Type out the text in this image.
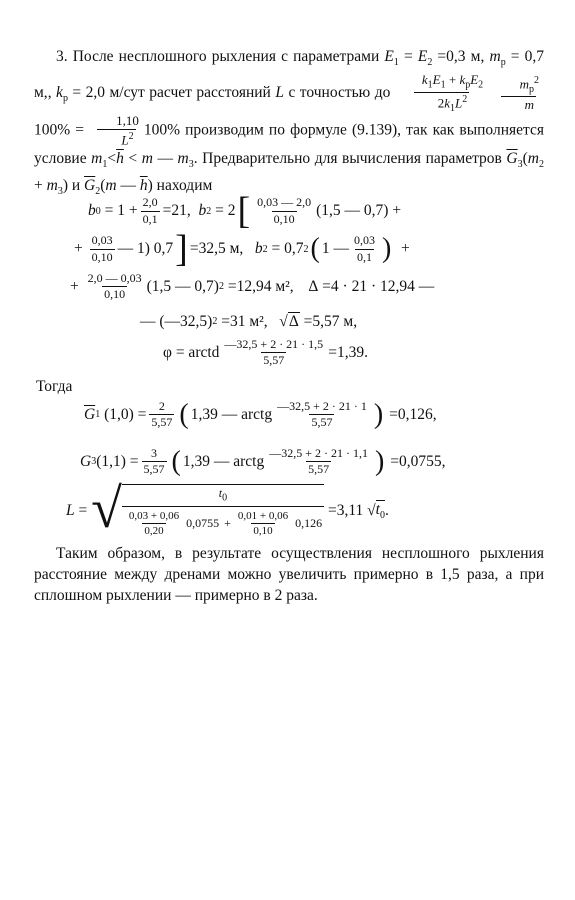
3. После несплошного рыхления с параметрами $E_1 = E_2 =0,3$ м, $m_р = 0,7$ м,, $k_р = 2,0$ м/сут расчет расстояний L с точностью до $\frac{k_1E_1 + k_рE_2}{2k_1L^2}$
$\frac{m_р^2}{m}$
$100\% = \frac{1,10}{L^2} 100\%$ производим по формуле (9.139), так как выполняется условие $m_1<\overline{h} < m$ — $m_3$. Предварительно для вычисления параметров $\overline{G}_3(m_2 + m_3)$ и $\overline{G}_2(m$ — $\overline{h}$) находим
b $0 = 1 + \frac{2,0}{0,1} = 21$ , b 2 = 2 [ $\frac{0,03 — 2,0}{0,10} (1,5$ — 0,7) +
+ $\frac{0,03}{0,10}$ — 1) 0,7 ] = 32,5 м , b 2 = 0,7 2 ( 1 — $\frac{0,03}{0,1}$ ) +
+ $\frac{2,0 — 0,03}{0,10} (1,5$ — 0,7) 2 = 12,94 м² ,    Δ = 4 · 21 · 12,94 —
— (—32,5) 2 = 31 м² , √ Δ = 5,57 м,
φ = arctd $\frac{—32,5 + 2 \cdot 21 \cdot 1,5}{5,57} = 1,39$.
Тогда
$\overline{G}$ 1
$(1,0) = \frac{2}{5,57}$ ( 1,39 — arctg $\frac{—32,5 + 2 \cdot 21 \cdot 1}{5,57}$ ) = 0,126,
G 3 $(1,1) = \frac{3}{5,57}$ ( 1,39 — arctg $\frac{—32,5 + 2 \cdot 21 \cdot 1,1}{5,57}$ ) = 0,0755,
L = √	$t_0$
$\frac{0,03 + 0,06}{0,20} 0,0755 + \frac{0,01 + 0,06}{0,10} 0,126$
= 3,11
√ $t_0$ .
Таким образом, в результате осуществления несплошного рыхления расстояние между дренами можно увеличить примерно в 1,5 раза, а при сплошном рыхлении — примерно в 2 раза.
